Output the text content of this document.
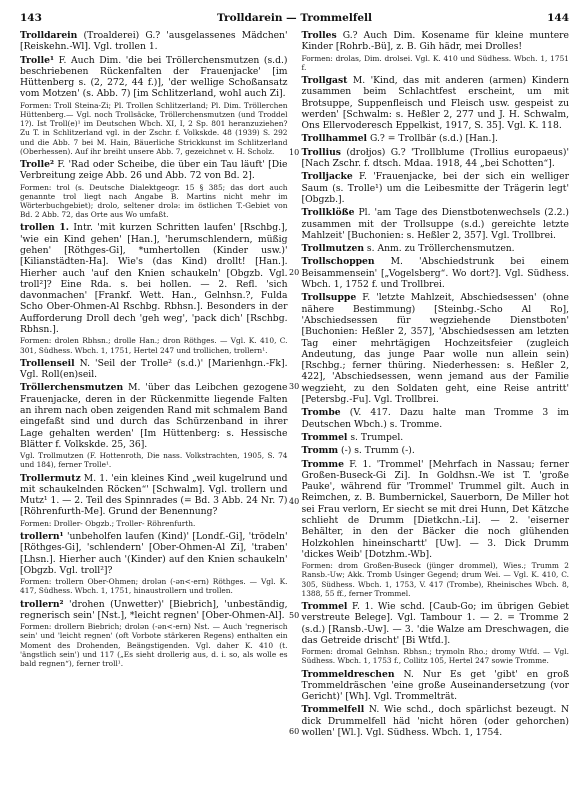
143	Trolldarein — Trommelfell	144
Trolldarein (Troalderei) G.? 'ausgelassenes Mädchen' [Reiskehn.-Wl]. Vgl. trollen 1.
Trolle¹ F. Auch Dim. 'die bei Tröllerchensmutzen (s.d.) beschriebenen Rückenfalten der Frauenjacke' [im Hüttenberg s. (2, 272, 44 f.)], 'der wellige Schoßansatz vom Motzen' (s. Abb. 7) [im Schlitzerland, wohl auch Zi].
Formen: Troll Steina-Zi; Pl. Trollen Schlitzerland; Pl. Dim. Tröllerchen Hüttenberg.— Vgl. noch Trollsäcke, Tröllerchensmutzen (und Troddel 1?). Ist Troll(e)¹ im Deutschen Wbch. XI, I, 2 Sp. 801 heranzuziehen? Zu T. in Schlitzerland vgl. in der Zschr. f. Volkskde. 48 (1939) S. 292 und die Abb. 7 bei M. Hain, Bäuerliche Strickkunst im Schlitzerland (Oberhessen). Auf ihr breiht unsere Abb. 7, gezeichnet v. H. Scholz.
Trolle² F. 'Rad oder Scheibe, die über ein Tau läuft' [Die Verbreitung zeige Abb. 26 und Abb. 72 von Bd. 2].
Formen: trol (s. Deutsche Dialektgeogr. 15 § 385; das dort auch genannte trol liegt nach Angabe B. Martins nicht mehr im Wörterbuchgebiet); drolo, seltener drolə: im östlichen T.-Gebiet von Bd. 2 Abb. 72, das Orte aus Wo umfaßt.
trollen 1. Intr. 'mit kurzen Schritten laufen' [Rschbg.], 'wie ein Kind gehen' [Han.], 'herumschlendern, müßig gehen' [Röthges-Gi], *umhertollen (Kinder usw.)' [Kilianstädten-Ha]. Wie's (das Kind) drollt! [Han.]. Hierher auch 'auf den Knien schaukeln' [Obgzb. Vgl. troll²]? Eine Rda. s. bei hollen. — 2. Refl. 'sich davonmachen' [Frankf. Wett. Han., Gelnhsn.?, Fulda Scho Ober-Ohmen-Al Rschbg. Rbhsn.]. Besonders in der Aufforderung Droll dech 'geh weg', 'pack dich' [Rschbg. Rbhsn.].
Formen: drolen Rbhsn.; drolle Han.; dron Röthges. — Vgl. K. 410, C. 301, Südhess. Wbch. 1, 1751, Hertel 247 und trollichen, trollern¹.
Trollenseil N. 'Seil der Trolle² (s.d.)' [Marienhgn.-Fk]. Vgl. Roll(en)seil.
Tröllerchensmutzen M. 'über das Leibchen gezogene Frauenjacke, deren in der Rückenmitte liegende Falten an ihrem nach oben zeigenden Rand mit schmalem Band eingefaßt sind und durch das Schürzenband in ihrer Lage gehalten werden' [Im Hüttenberg: s. Hessische Blätter f. Volkskde. 25, 36].
Vgl. Trollmutzen (F. Hottenroth, Die nass. Volkstrachten, 1905, S. 74 und 184), ferner Trolle¹.
Trollermutz M. 1. 'ein kleines Kind „weil kugelrund und mit schaukelnden Röcken“' [Schwalm]. Vgl. trollern und Mutz¹ 1. — 2. Teil des Spinnrades (= Bd. 3 Abb. 24 Nr. 7) [Röhrenfurth-Me]. Grund der Benennung?
Formen: Droller- Obgzb.; Troller- Röhrenfurth.
trollern¹ 'unbeholfen laufen (Kind)' [Londf.-Gi], 'trödeln' [Röthges-Gi], 'schlendern' [Ober-Ohmen-Al Zi], 'traben' [Lhsn.]. Hierher auch '(Kinder) auf den Knien schaukeln' [Obgzb. Vgl. troll²]?
Formen: trollern Ober-Ohmen; drolən (-ən<-ern) Röthges. — Vgl. K. 417, Südhess. Wbch. 1, 1751, hinaustrollern und trollen.
trollern² 'drohen (Unwetter)' [Biebrich], 'unbeständig, regnerisch sein' [Nst.], *leicht regnen' [Ober-Ohmen-Al].
Formen: drollern Biebrich; drolən (-ən<-ern) Nst. — Auch 'regnerisch sein' und 'leicht regnen' (oft Vorbote stärkeren Regens) enthalten ein Moment des Drohenden, Beängstigenden. Vgl. daher K. 410 (t. 'ängstlich sein') und 117 („Es sieht drollerig aus, d. i. so, als wolle es bald regnen“), ferner troll¹.
Trolles G.? Auch Dim. Kosename für kleine muntere Kinder [Rohrb.-Bü], z. B. Gih hädr, mei Drolles!
Formen: drolas, Dim. drolsei. Vgl. K. 410 und Südhess. Wbch. 1, 1751 f.
Trollgast M. 'Kind, das mit anderen (armen) Kindern zusammen beim Schlachtfest erscheint, um mit Brotsuppe, Suppenfleisch und Fleisch usw. gespeist zu werden' [Schwalm: s. Heßler 2, 277 und J. H. Schwalm, Ons Ellervoderesch Eppelkist, 1917, S. 35]. Vgl. K. 118.
Trollhammel G.? = Trollbär (s.d.) [Han.].
Trollius (drołjos) G.? 'Trollblume (Trollius europaeus)' [Nach Zschr. f. dtsch. Mdaa. 1918, 44 „bei Schotten“].
Trolljacke F. 'Frauenjacke, bei der sich ein welliger Saum (s. Trolle¹) um die Leibesmitte der Trägerin legt' [Obgzb.].
Trollklöße Pl. 'am Tage des Dienstbotenwechsels (2.2.) zusammen mit der Trollsuppe (s.d.) gereichte letzte Mahlzeit' [Buchonien: s. Heßler 2, 357]. Vgl. Trollbrei.
Trollmutzen s. Anm. zu Tröllerchensmutzen.
Trollschoppen M. 'Abschiedstrunk bei einem Beisammensein' [„Vogelsberg“. Wo dort?]. Vgl. Südhess. Wbch. 1, 1752 f. und Trollbrei.
Trollsuppe F. 'letzte Mahlzeit, Abschiedsessen' (ohne nähere Bestimmung) [Steinbg.-Scho Al Ro], 'Abschiedsessen für wegziehende Dienstboten' [Buchonien: Heßler 2, 357], 'Abschiedsessen am letzten Tag einer mehrtägigen Hochzeitsfeier (zugleich Andeutung, das junge Paar wolle nun allein sein) [Rschbg.; ferner thüring. Niederhessen: s. Heßler 2, 422], 'Abschiedsessen, wenn jemand aus der Familie wegzieht, zu den Soldaten geht, eine Reise antritt' [Petersbg.-Fu]. Vgl. Trollbrei.
Trombe (V. 417. Dazu halte man Tromme 3 im Deutschen Wbch.) s. Tromme.
Trommel s. Trumpel.
Tromm (-) s. Trumm (-).
Tromme F. 1. 'Trommel' [Mehrfach in Nassau; ferner Großen-Buseck-Gi Zi]. In Goldhsn.-We ist T. 'große Pauke', während für 'Trommel' Trummel gilt. Auch in Reimchen, z. B. Bumbernickel, Sauerborn, De Miller hot sei Frau verlorn, Er siecht se mit drei Hunn, Det Kätzche schlieht de Drumm [Dietkchn.-Li]. — 2. 'eiserner Behälter, in den der Bäcker die noch glühenden Holzkohlen hineinschartt' [Uw]. — 3. Dick Drumm 'dickes Weib' [Dotzhm.-Wb].
Formen: drom Großen-Buseck (jünger drommel), Wies.; Trumm 2 Ransb.-Uw; Akk. Tromb Usinger Gegend; drum Wei. — Vgl. K. 410, C. 305, Südhess. Wbch. 1, 1753, V. 417 (Trombe), Rheinisches Wbch. 8, 1388, 55 ff., ferner Trommel.
Trommel F. 1. Wie schd. [Caub-Go; im übrigen Gebiet verstreute Belege]. Vgl. Tambour 1. — 2. = Tromme 2 (s.d.) [Ransb.-Uw]. — 3. 'die Walze am Dreschwagen, die das Getreide drischt' [Bi Wtfd.].
Formen: dromal Gelnhsn. Rbhsn.; trymoln Rho.; dromy Wtfd. — Vgl. Südhess. Wbch. 1, 1753 f., Collitz 105, Hertel 247 sowie Tromme.
Trommeldreschen N. Nur Es get 'gibt' en groß Trommeldräschen 'eine große Auseinandersetzung (vor Gericht)' [Wh]. Vgl. Trommelträt.
Trommelfell N. Wie schd., doch spärlichst bezeugt. N dick Drummelfell häd 'nicht hören (oder gehorchen) wollen' [Wl.]. Vgl. Südhess. Wbch. 1, 1754.
10
20
30
40
50
60
